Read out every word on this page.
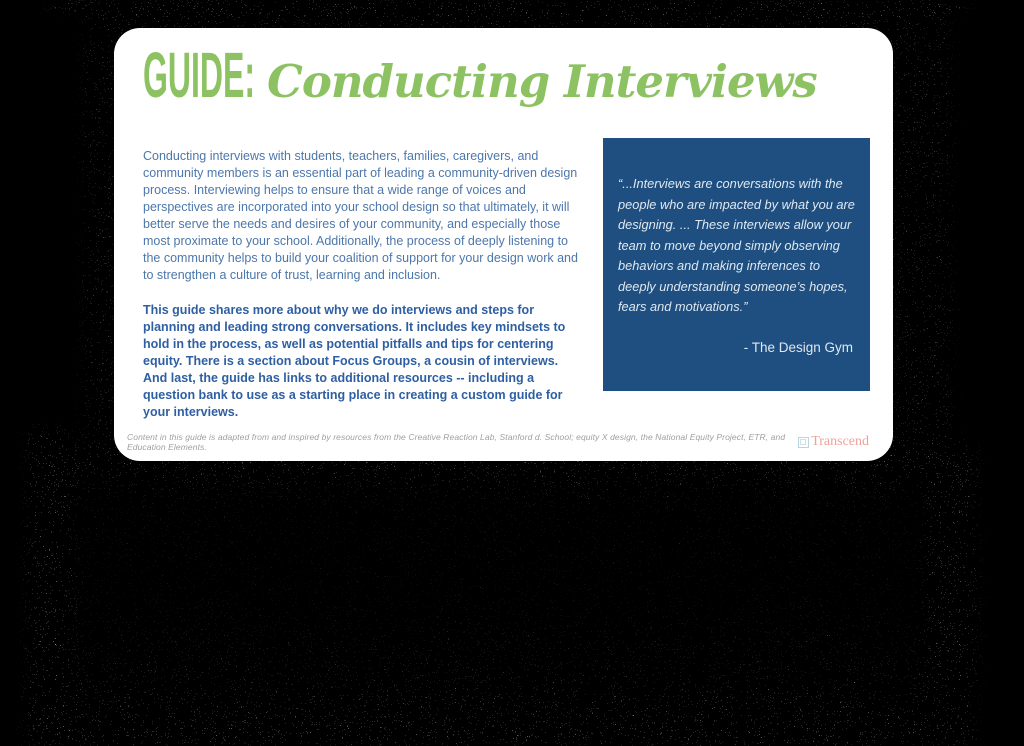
GUIDE: Conducting Interviews

Conducting interviews with students, teachers, families, caregivers, and community members is an essential part of leading a community-driven design process. Interviewing helps to ensure that a wide range of voices and perspectives are incorporated into your school design so that ultimately, it will better serve the needs and desires of your community, and especially those most proximate to your school. Additionally, the process of deeply listening to the community helps to build your coalition of support for your design work and to strengthen a culture of trust, learning and inclusion.

This guide shares more about why we do interviews and steps for planning and leading strong conversations. It includes key mindsets to hold in the process, as well as potential pitfalls and tips for centering equity. There is a section about Focus Groups, a cousin of interviews. And last, the guide has links to additional resources -- including a question bank to use as a starting place in creating a custom guide for your interviews.

“...Interviews are conversations with the people who are impacted by what you are designing. ... These interviews allow your team to move beyond simply observing behaviors and making inferences to deeply understanding someone’s hopes, fears and motivations.”

- The Design Gym

Content in this guide is adapted from and inspired by resources from the Creative Reaction Lab, Stanford d. School; equity X design, the National Equity Project, ETR, and Education Elements.	Transcend
